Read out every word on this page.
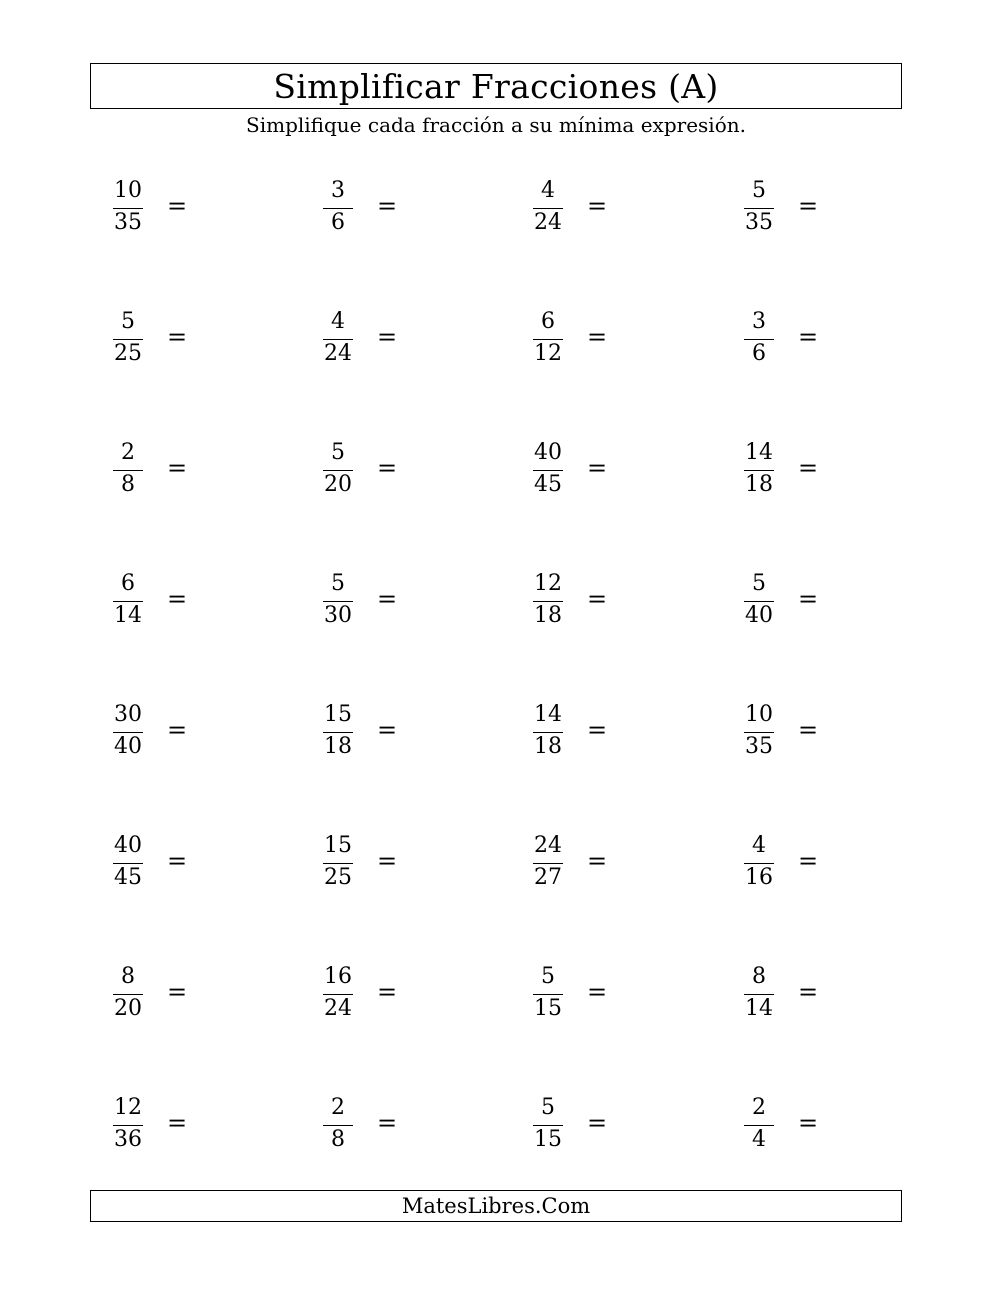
Simplificar Fracciones (A)
Simplifique cada fracción a su mínima expresión.
10
35
=
3
6
=
4
24
=
5
35
=
5
25
=
4
24
=
6
12
=
3
6
=
2
8
=
5
20
=
40
45
=
14
18
=
6
14
=
5
30
=
12
18
=
5
40
=
30
40
=
15
18
=
14
18
=
10
35
=
40
45
=
15
25
=
24
27
=
4
16
=
8
20
=
16
24
=
5
15
=
8
14
=
12
36
=
2
8
=
5
15
=
2
4
=
MatesLibres.Com
